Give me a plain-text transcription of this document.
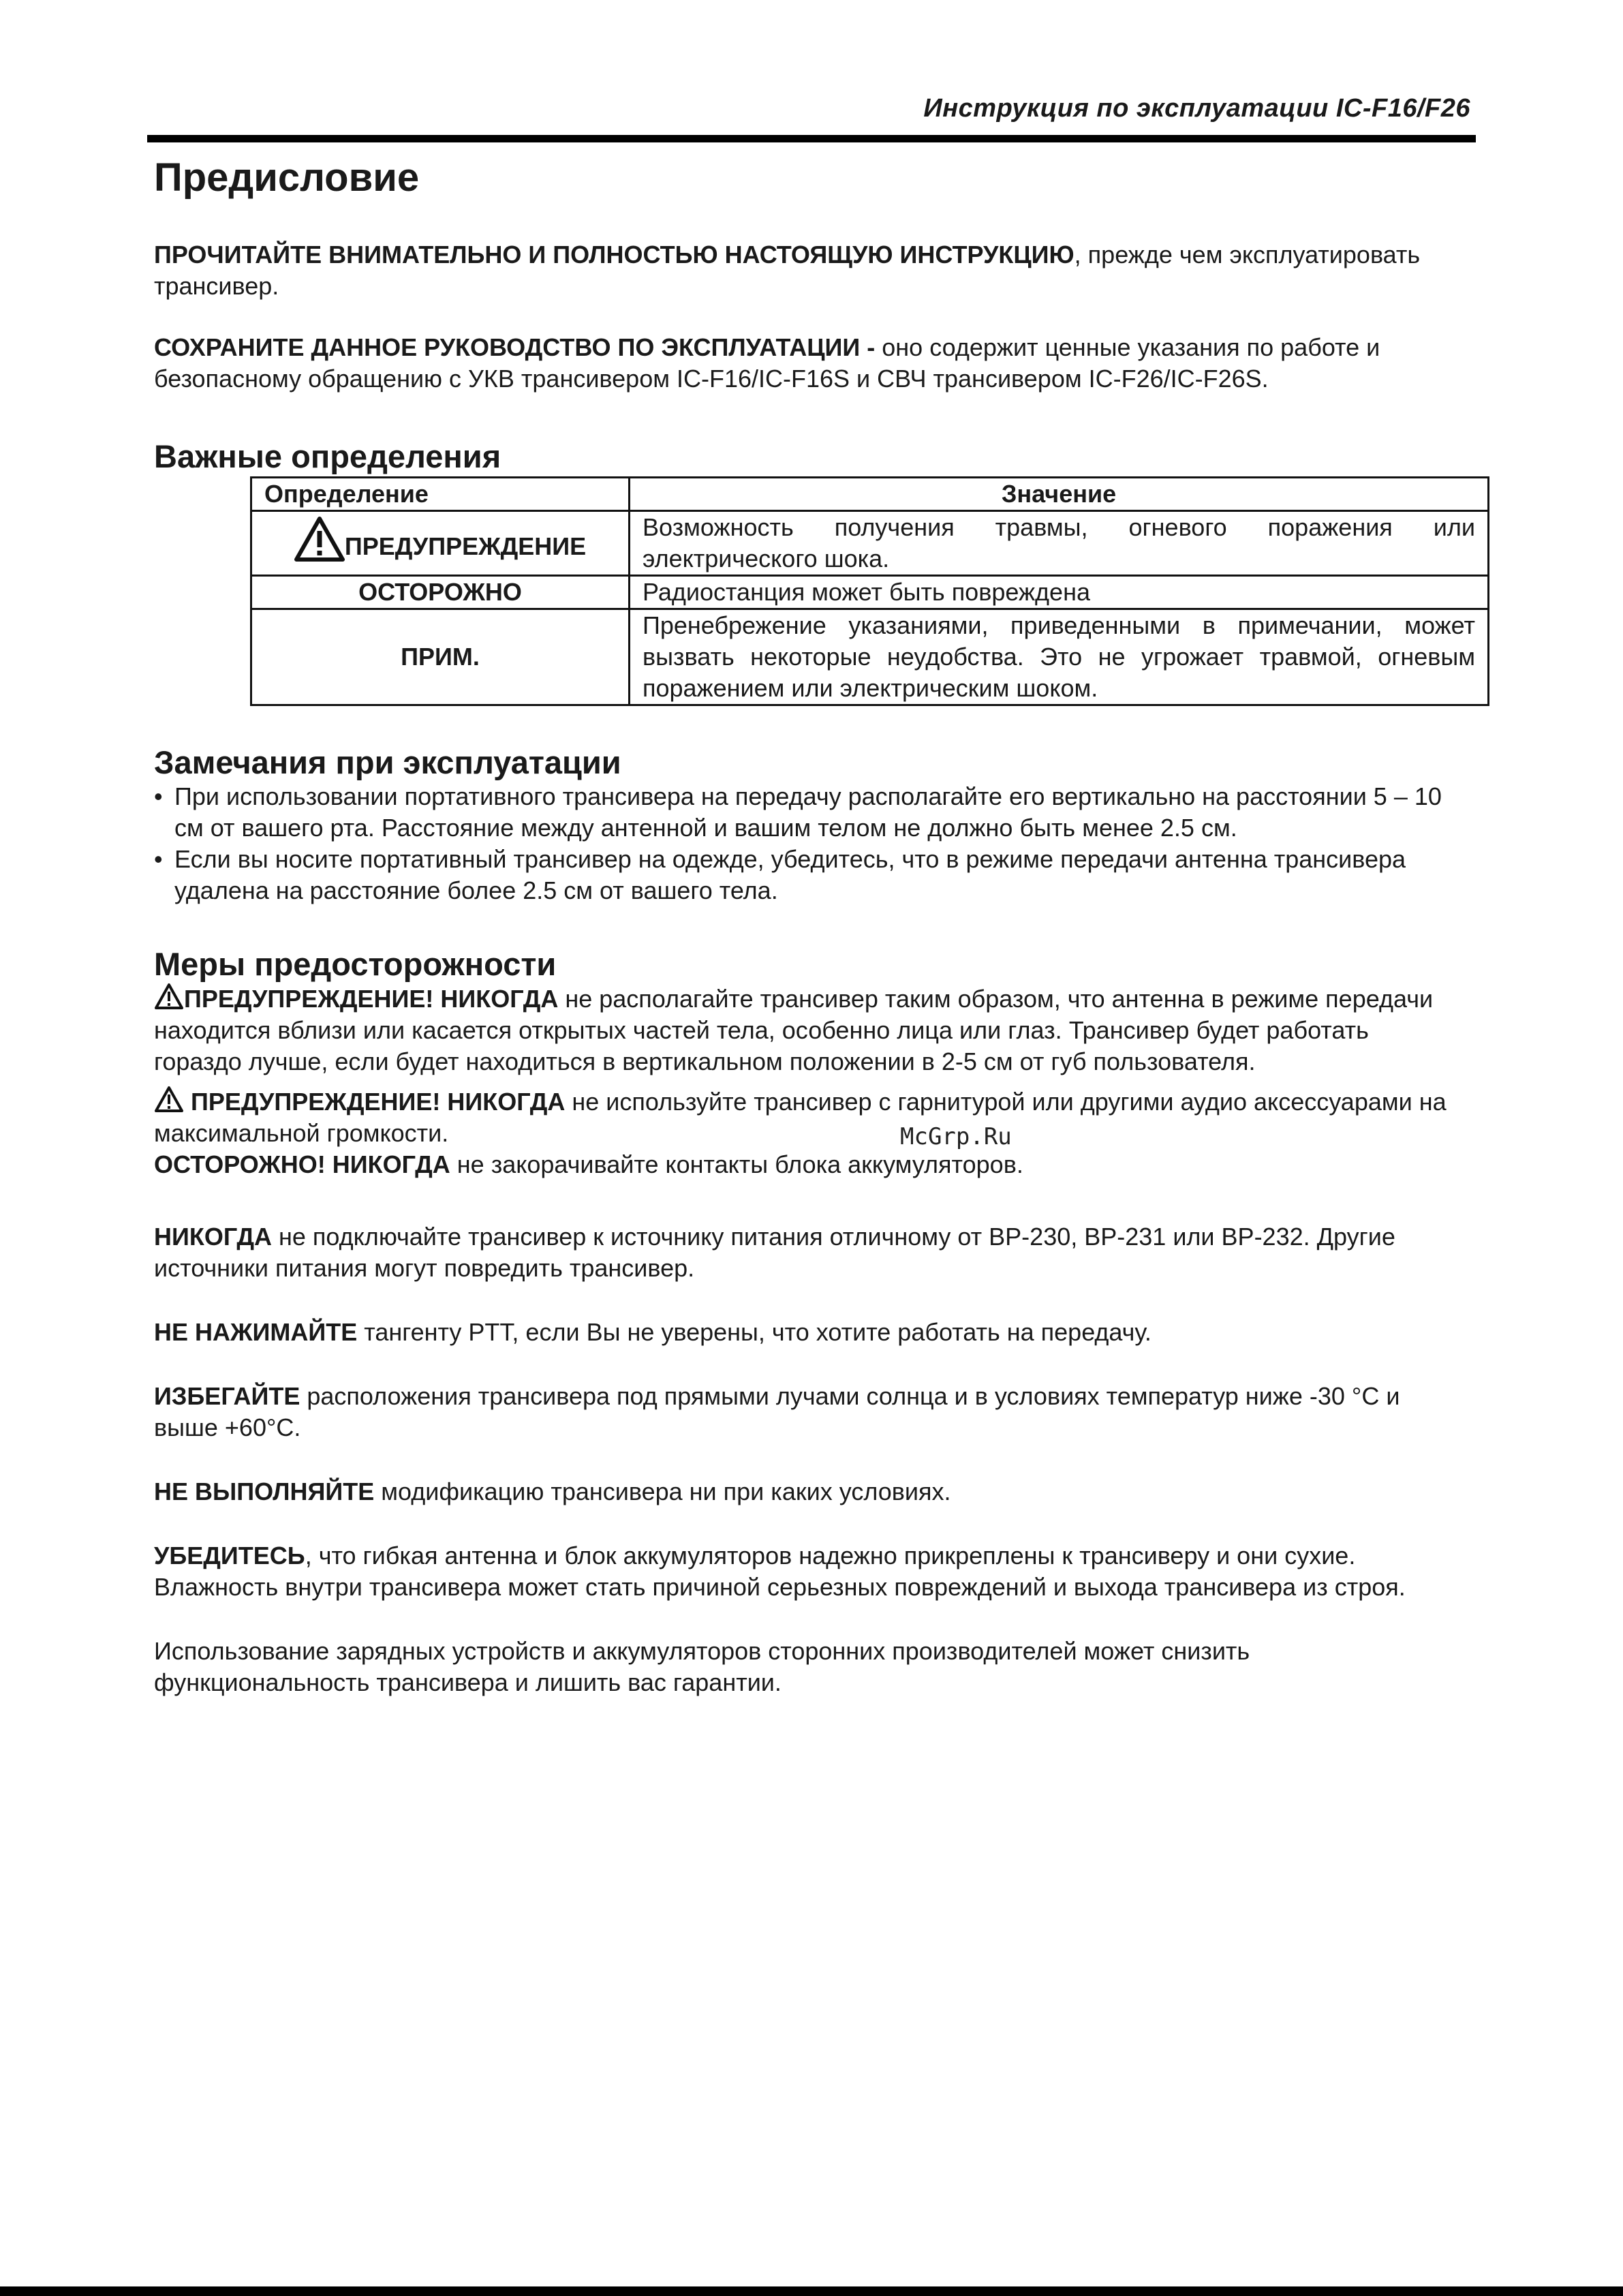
Инструкция по эксплуатации IC-F16/F26
Предисловие

ПРОЧИТАЙТЕ ВНИМАТЕЛЬНО И ПОЛНОСТЬЮ НАСТОЯЩУЮ ИНСТРУКЦИЮ, прежде чем эксплуатировать трансивер.

СОХРАНИТЕ ДАННОЕ РУКОВОДСТВО ПО ЭКСПЛУАТАЦИИ - оно содержит ценные указания по работе и безопасному обращению с УКВ трансивером IC-F16/IC-F16S и СВЧ трансивером IC-F26/IC-F26S.

Важные определения
Определение	Значение

ПРЕДУПРЕЖДЕНИЕ	Возможность получения травмы, огневого поражения или электрического шока.
ОСТОРОЖНО	Радиостанция может быть повреждена
ПРИМ.	Пренебрежение указаниями, приведенными в примечании, может вызвать некоторые неудобства. Это не угрожает травмой, огневым поражением или электрическим шоком.
Замечания при эксплуатации
• При использовании портативного трансивера на передачу располагайте его вертикально на расстоянии 5 – 10 см от вашего рта. Расстояние между антенной и вашим телом не должно быть менее 2.5 см.
• Если вы носите портативный трансивер на одежде, убедитесь, что в режиме передачи антенна трансивера удалена на расстояние более 2.5 см от вашего тела.
Меры предосторожности

ПРЕДУПРЕЖДЕНИЕ! НИКОГДА не располагайте трансивер таким образом, что антенна в режиме передачи находится вблизи или касается открытых частей тела, особенно лица или глаз. Трансивер будет работать гораздо лучше, если будет находиться в вертикальном положении в 2-5 см от губ пользователя.

ПРЕДУПРЕЖДЕНИЕ! НИКОГДА не используйте трансивер с гарнитурой или другими аудио аксессуарами на максимальной громкости.

ОСТОРОЖНО! НИКОГДА не закорачивайте контакты блока аккумуляторов.

НИКОГДА не подключайте трансивер к источнику питания отличному от BP-230, BP-231 или BP-232. Другие источники питания могут повредить трансивер.

НЕ НАЖИМАЙТЕ тангенту PTT, если Вы не уверены, что хотите работать на передачу.

ИЗБЕГАЙТЕ расположения трансивера под прямыми лучами солнца и в условиях температур ниже -30 °C и выше +60°C.

НЕ ВЫПОЛНЯЙТЕ модификацию трансивера ни при каких условиях.

УБЕДИТЕСЬ, что гибкая антенна и блок аккумуляторов надежно прикреплены к трансиверу и они сухие. Влажность внутри трансивера может стать причиной серьезных повреждений и выхода трансивера из строя.

Использование зарядных устройств и аккумуляторов сторонних производителей может снизить функциональность трансивера и лишить вас гарантии.

McGrp.Ru
